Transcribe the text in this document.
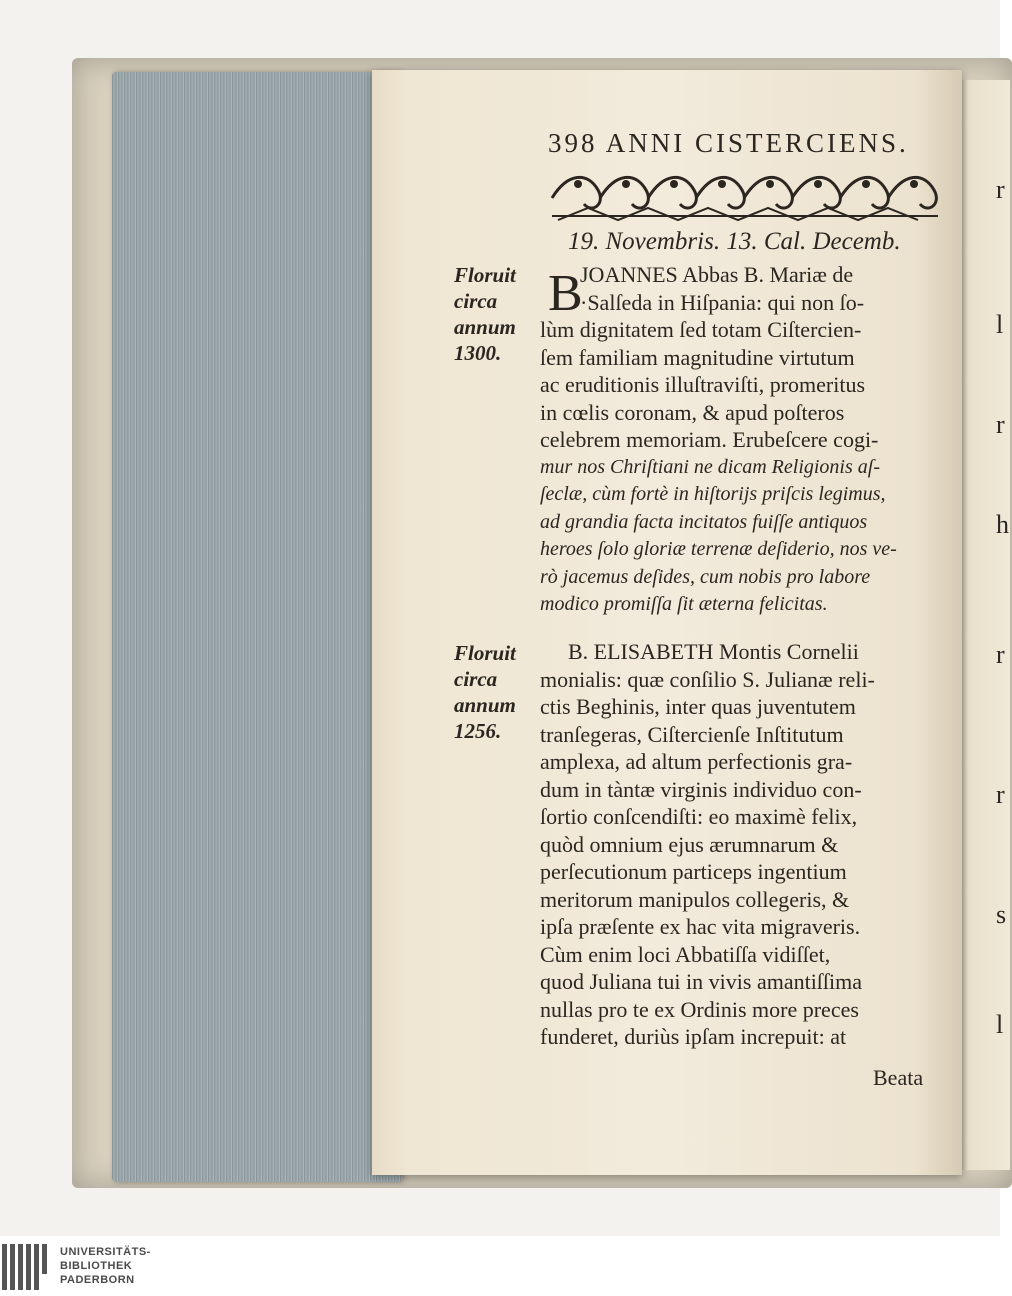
r
l
r
h
r
r
s
l
398 ANNI CISTERCIENS.
19. Novembris. 13. Cal. Decemb.
Floruit
circa
annum
1300.
B
JOANNES Abbas B. Mariæ de
·Salſeda in Hiſpania: qui non ſo-
lùm dignitatem ſed totam Ciſtercien-
ſem familiam magnitudine virtutum
ac eruditionis illuſtraviſti, promeritus
in cœlis coronam, & apud poſteros
celebrem memoriam. Erubeſcere cogi-
mur nos Chriſtiani ne dicam Religionis aſ-
ſeclæ, cùm fortè in hiſtoriјs priſcis legimus,
ad grandia facta incitatos fuiſſe antiquos
heroes ſolo gloriæ terrenæ deſiderio, nos ve-
rò jacemus deſides, cum nobis pro labore
modico promiſſa ſit æterna felicitas.
Floruit
circa
annum
1256.
B. ELISABETH Montis Cornelii
monialis: quæ conſilio S. Julianæ reli-
ctis Beghinis, inter quas juventutem
tranſegeras, Ciſtercienſe Inſtitutum
amplexa, ad altum perfectionis gra-
dum in tàntæ virginis individuo con-
ſortio conſcendiſti: eo maximè felix,
quòd omnium ejus ærumnarum &
perſecutionum particeps ingentium
meritorum manipulos collegeris, &
ipſa præſente ex hac vita migraveris.
Cùm enim loci Abbatiſſa vidiſſet,
quod Juliana tui in vivis amantiſſima
nullas pro te ex Ordinis more preces
funderet, duriùs ipſam increpuit: at
Beata
UNIVERSITÄTS-
BIBLIOTHEK
PADERBORN
